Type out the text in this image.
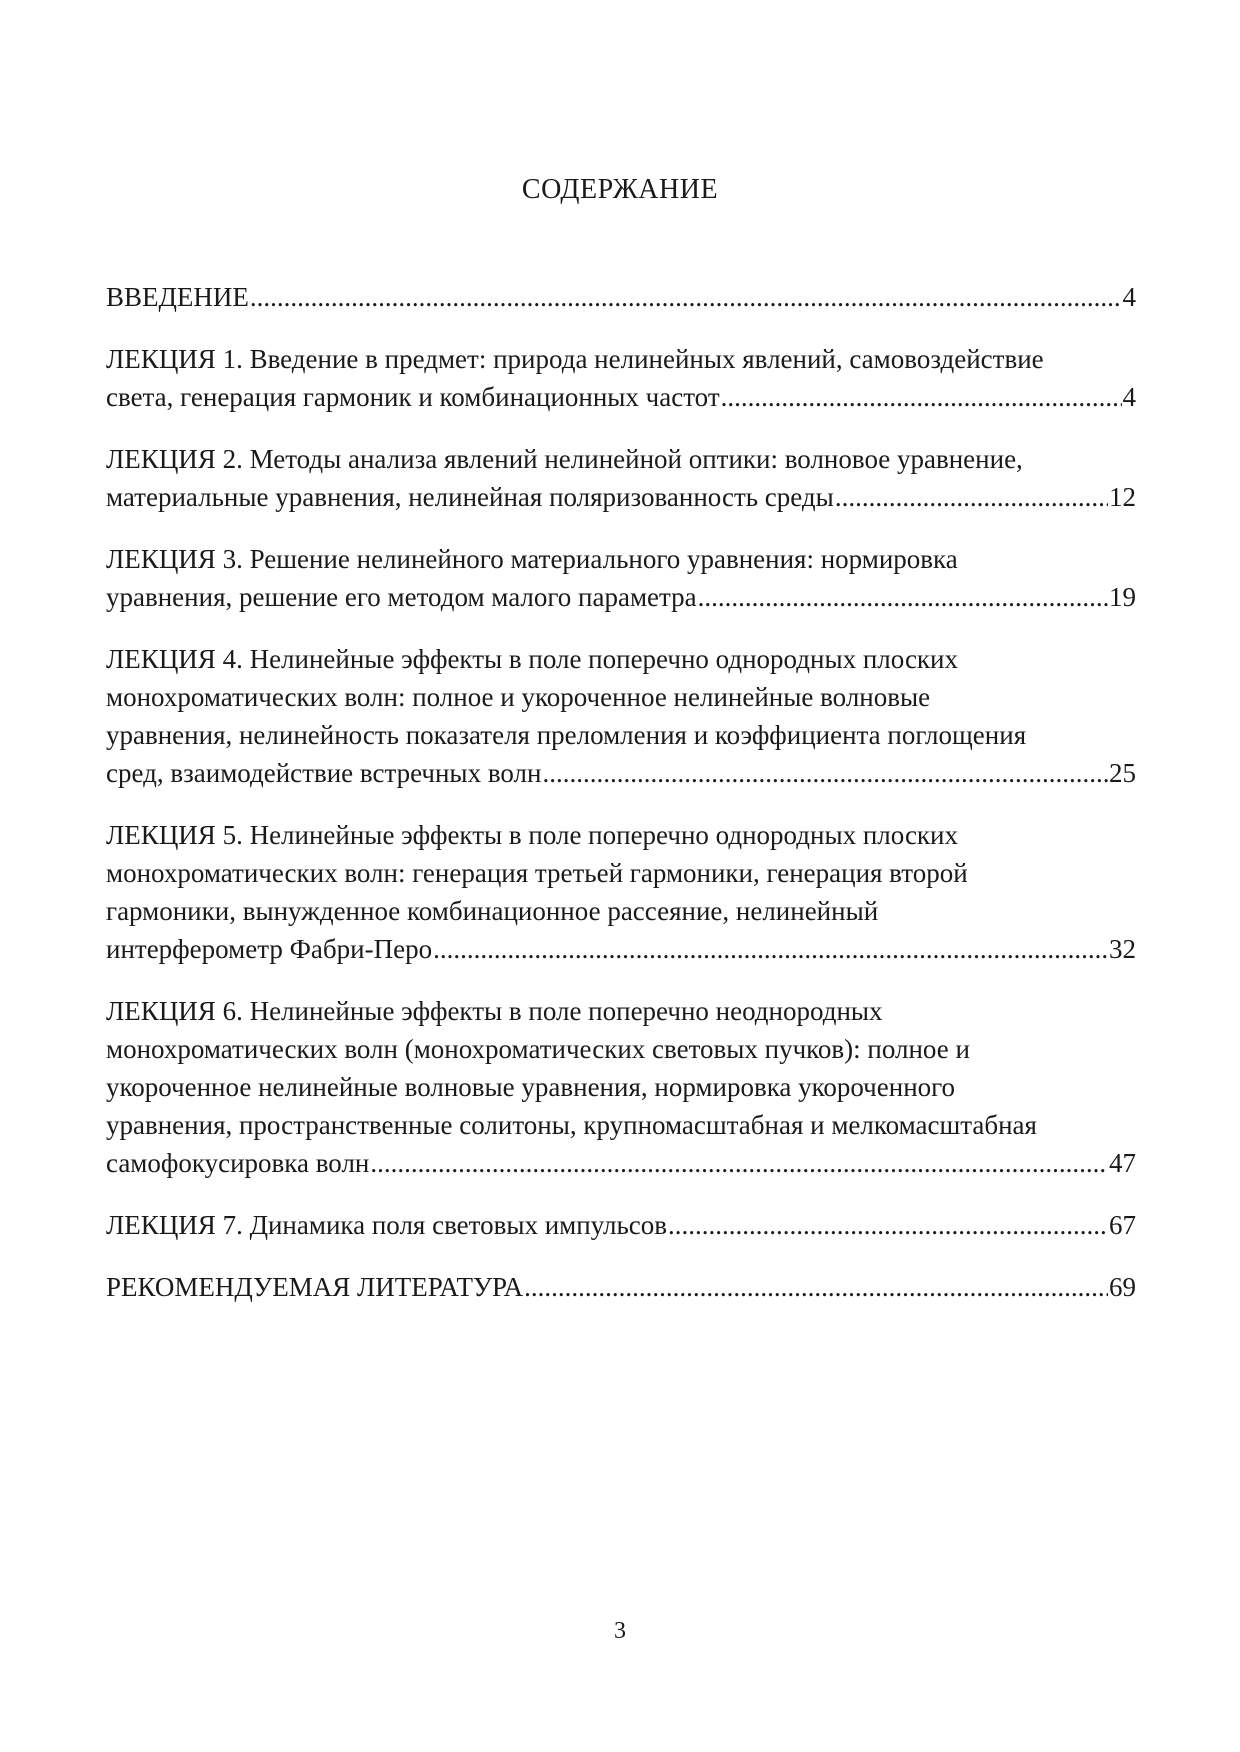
СОДЕРЖАНИЕ
ВВЕДЕНИЕ .....	4
ЛЕКЦИЯ 1. Введение в предмет: природа нелинейных явлений, самовоздействие
света, генерация гармоник и комбинационных частот .....	4
ЛЕКЦИЯ 2. Методы анализа явлений нелинейной оптики: волновое уравнение,
материальные уравнения, нелинейная поляризованность среды .....	12
ЛЕКЦИЯ 3. Решение нелинейного материального уравнения: нормировка
уравнения, решение его методом малого параметра .....	19
ЛЕКЦИЯ 4. Нелинейные эффекты в поле поперечно однородных плоских
монохроматических волн: полное и укороченное нелинейные волновые
уравнения, нелинейность показателя преломления и коэффициента поглощения
сред, взаимодействие встречных волн .....	25
ЛЕКЦИЯ 5. Нелинейные эффекты в поле поперечно однородных плоских
монохроматических волн: генерация третьей гармоники, генерация второй
гармоники, вынужденное комбинационное рассеяние, нелинейный
интерферометр Фабри-Перо .....	32
ЛЕКЦИЯ 6. Нелинейные эффекты в поле поперечно неоднородных
монохроматических волн (монохроматических световых пучков): полное и
укороченное нелинейные волновые уравнения, нормировка укороченного
уравнения, пространственные солитоны, крупномасштабная и мелкомасштабная
самофокусировка волн .....	47
ЛЕКЦИЯ 7. Динамика поля световых импульсов .....	67
РЕКОМЕНДУЕМАЯ ЛИТЕРАТУРА .....	69
3
